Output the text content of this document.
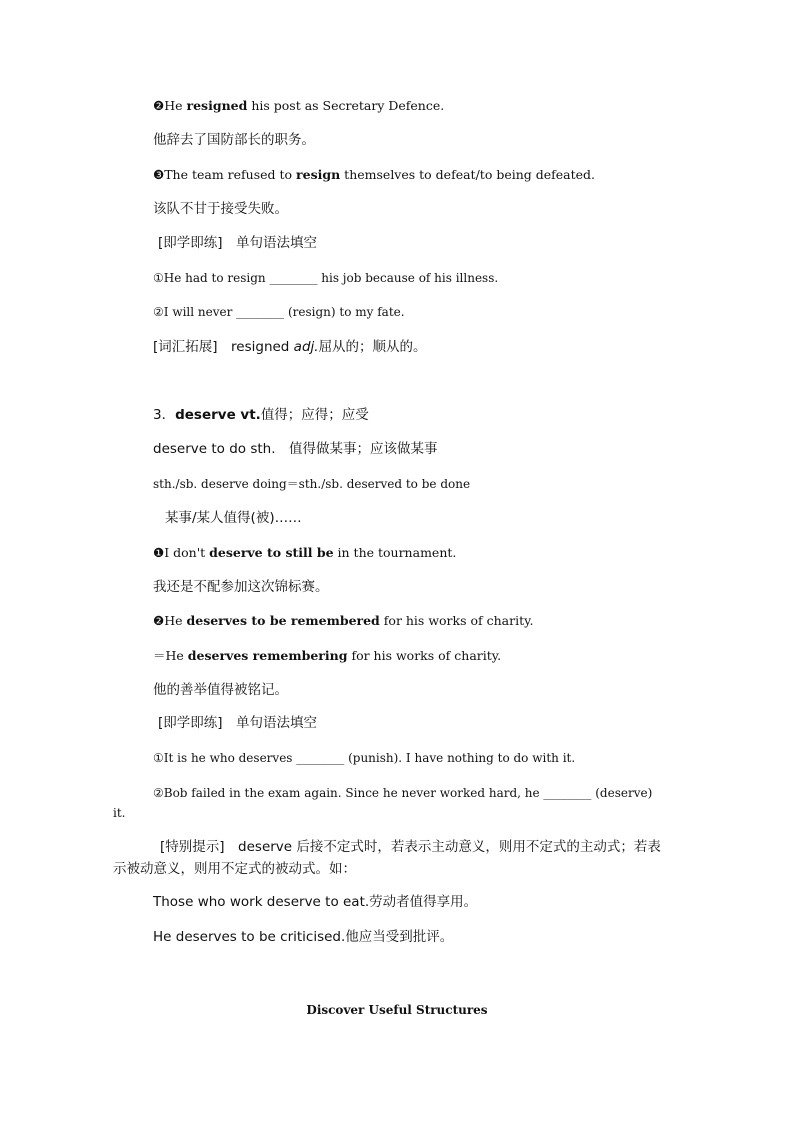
❷He resigned his post as Secretary Defence.
他辞去了国防部长的职务。
❸The team refused to resign themselves to defeat/to being defeated.
该队不甘于接受失败。
[即学即练]　单句语法填空
①He had to resign ________ his job because of his illness.
②I will never ________ (resign) to my fate.
[词汇拓展]　resigned adj.屈从的；顺从的。
3．deserve vt.值得；应得；应受
deserve to do sth.　值得做某事；应该做某事
sth./sb. deserve doing＝sth./sb. deserved to be done
某事/某人值得(被)……
❶I don't deserve to still be in the tournament.
我还是不配参加这次锦标赛。
❷He deserves to be remembered for his works of charity.
＝He deserves remembering for his works of charity.
他的善举值得被铭记。
[即学即练]　单句语法填空
①It is he who deserves ________ (punish). I have nothing to do with it.
②Bob failed in the exam again. Since he never worked hard, he ________ (deserve)
it.
[特别提示]　deserve 后接不定式时，若表示主动意义，则用不定式的主动式；若表
示被动意义，则用不定式的被动式。如：
Those who work deserve to eat.劳动者值得享用。
He deserves to be criticised.他应当受到批评。
Discover Useful Structures
